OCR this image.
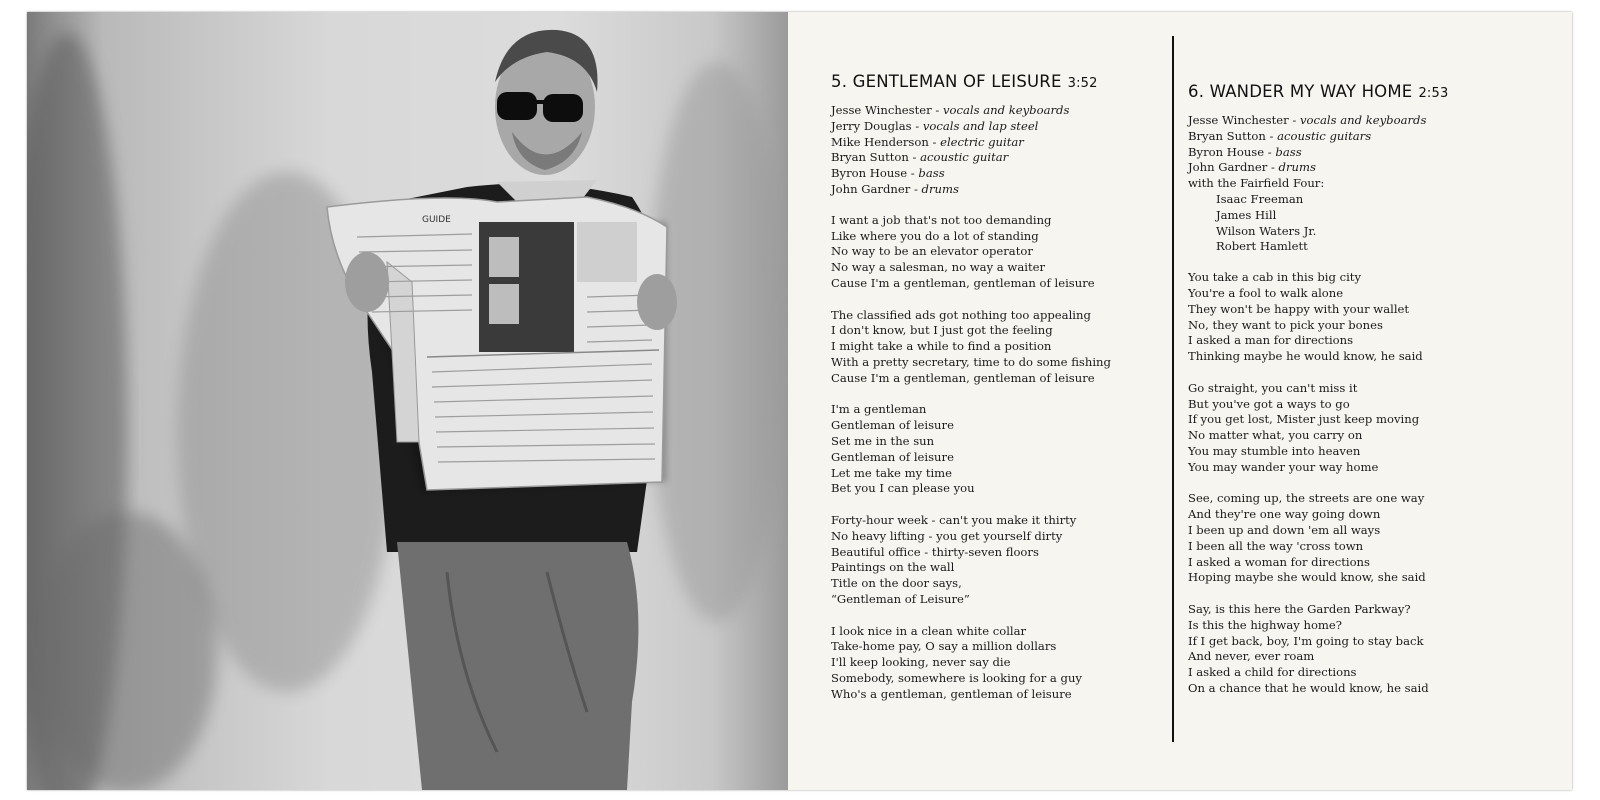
GUIDE
5. GENTLEMAN OF LEISURE 3:52
Jesse Winchester - vocals and keyboards
Jerry Douglas - vocals and lap steel
Mike Henderson - electric guitar
Bryan Sutton - acoustic guitar
Byron House - bass
John Gardner - drums
I want a job that's not too demanding
Like where you do a lot of standing
No way to be an elevator operator
No way a salesman, no way a waiter
Cause I'm a gentleman, gentleman of leisure
The classified ads got nothing too appealing
I don't know, but I just got the feeling
I might take a while to find a position
With a pretty secretary, time to do some fishing
Cause I'm a gentleman, gentleman of leisure
I'm a gentleman
Gentleman of leisure
Set me in the sun
Gentleman of leisure
Let me take my time
Bet you I can please you
Forty-hour week - can't you make it thirty
No heavy lifting - you get yourself dirty
Beautiful office - thirty-seven floors
Paintings on the wall
Title on the door says,
“Gentleman of Leisure”
I look nice in a clean white collar
Take-home pay, O say a million dollars
I'll keep looking, never say die
Somebody, somewhere is looking for a guy
Who's a gentleman, gentleman of leisure
6. WANDER MY WAY HOME 2:53
Jesse Winchester - vocals and keyboards
Bryan Sutton - acoustic guitars
Byron House - bass
John Gardner - drums
with the Fairfield Four:
Isaac Freeman
James Hill
Wilson Waters Jr.
Robert Hamlett
You take a cab in this big city
You're a fool to walk alone
They won't be happy with your wallet
No, they want to pick your bones
I asked a man for directions
Thinking maybe he would know, he said
Go straight, you can't miss it
But you've got a ways to go
If you get lost, Mister just keep moving
No matter what, you carry on
You may stumble into heaven
You may wander your way home
See, coming up, the streets are one way
And they're one way going down
I been up and down 'em all ways
I been all the way 'cross town
I asked a woman for directions
Hoping maybe she would know, she said
Say, is this here the Garden Parkway?
Is this the highway home?
If I get back, boy, I'm going to stay back
And never, ever roam
I asked a child for directions
On a chance that he would know, he said
